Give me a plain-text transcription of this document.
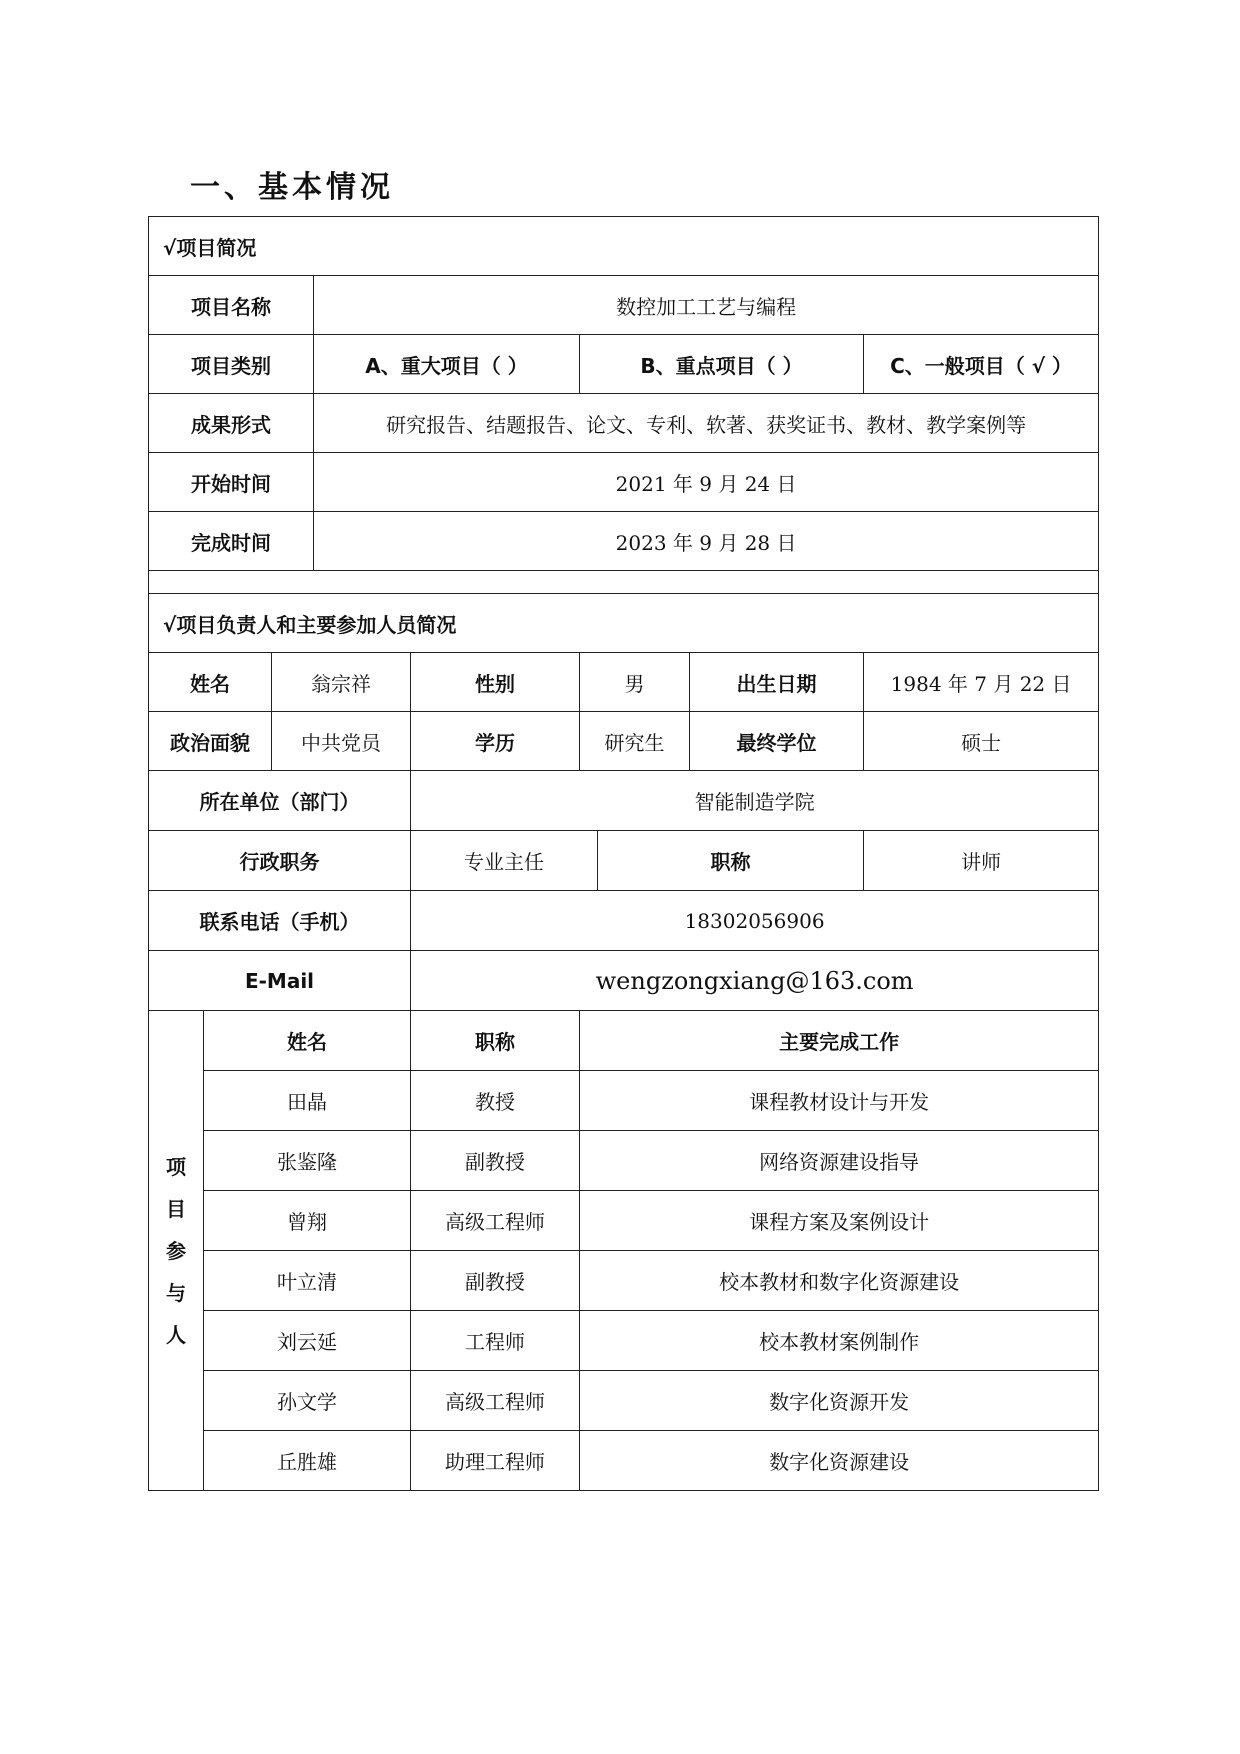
一、基本情况
√项目简况								
项目名称			数控加工工艺与编程					
项目类别			A、重大项目（ ）		B、重点项目（ ）			C、一般项目（ √ ）
成果形式			研究报告、结题报告、论文、专利、软著、获奖证书、教材、教学案例等					
开始时间			2021 年 9 月 24 日					
完成时间			2023 年 9 月 28 日					

√项目负责人和主要参加人员简况								
姓名		翁宗祥		性别	男		出生日期	1984 年 7 月 22 日
政治面貌		中共党员		学历	研究生		最终学位	硕士
所在单位（部门）				智能制造学院				
行政职务				专业主任		职称		讲师
联系电话（手机）				18302056906				
E-Mail				wengzongxiang@163.com				

项
目
参
与
人	姓名			职称	主要完成工作			
	田晶			教授	课程教材设计与开发			
	张鉴隆			副教授	网络资源建设指导			
	曾翔			高级工程师	课程方案及案例设计			
	叶立清			副教授	校本教材和数字化资源建设			
	刘云延			工程师	校本教材案例制作			
	孙文学			高级工程师	数字化资源开发			
	丘胜雄			助理工程师	数字化资源建设			
